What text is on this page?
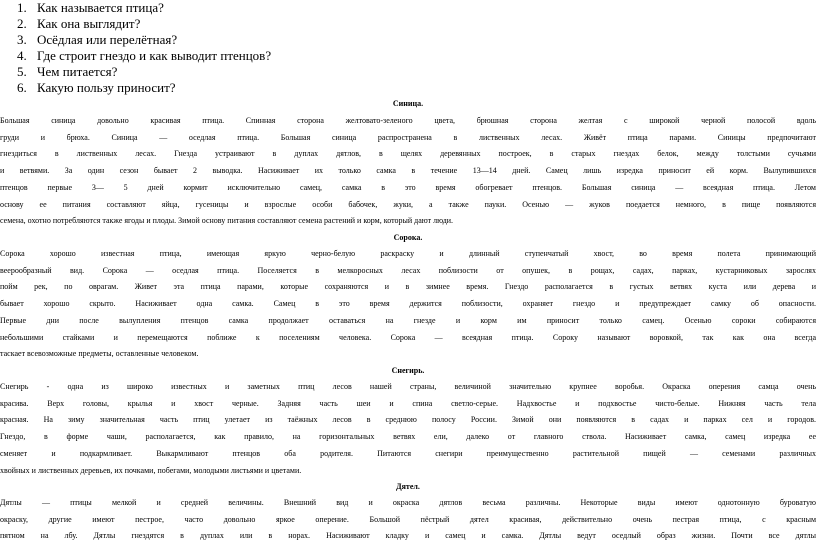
1. Как называется птица?
2. Как она выглядит?
3. Осёдлая или перелётная?
4. Где строит гнездо и как выводит птенцов?
5. Чем питается?
6. Какую пользу приносит?
Синица.
Большая синица довольно красивая птица. Спинная сторона желтовато-зеленого цвета, брюшная сторона желтая с широкой черной полосой вдоль
груди и брюха. Синица — оседлая птица. Большая синица распространена в лиственных лесах. Живёт птица парами. Синицы предпочитают
гнездиться в лиственных лесах. Гнезда устраивают в дуплах дятлов, в щелях деревянных построек, в старых гнездах белок, между толстыми сучьями
и ветвями. За один сезон бывает 2 выводка. Насиживает их только самка в течение 13—14 дней. Самец лишь изредка приносит ей корм. Вылупившихся
птенцов первые 3— 5 дней кормит исключительно самец, самка в это время обогревает птенцов. Большая синица — всеядная птица. Летом
основу ее питания составляют яйца, гусеницы и взрослые особи бабочек, жуки, а также пауки. Осенью — жуков поедается немного, в пище появляются
семена, охотно потребляются также ягоды и плоды. Зимой основу питания составляют семена растений и корм, который дают люди.
Сорока.
Сорока хорошо известная птица, имеющая яркую черно-белую раскраску и длинный ступенчатый хвост, во время полета принимающий
веерообразный вид. Сорока — оседлая птица. Поселяется в мелкоросных лесах поблизости от опушек, в рощах, садах, парках, кустарниковых зарослях
пойм рек, по оврагам. Живет эта птица парами, которые сохраняются и в зимнее время. Гнездо располагается в густых ветвях куста или дерева и
бывает хорошо скрыто. Насиживает одна самка. Самец в это время держится поблизости, охраняет гнездо и предупреждает самку об опасности.
Первые дни после вылупления птенцов самка продолжает оставаться на гнезде и корм им приносит только самец. Осенью сороки собираются
небольшими стайками и перемещаются поближе к поселениям человека. Сорока — всеядная птица. Сороку называют воровкой, так как она всегда
таскает всевозможные предметы, оставленные человеком.
Снегирь.
Снегирь - одна из широко известных и заметных птиц лесов нашей страны, величиной значительно крупнее воробья. Окраска оперения самца очень
красива. Верх головы, крылья и хвост черные. Задняя часть шеи и спина светло-серые. Надхвостье и подхвостье чисто-белые. Нижняя часть тела
красная. На зиму значительная часть птиц улетает из таёжных лесов в среднюю полосу России. Зимой они появляются в садах и парках сел и городов.
Гнездо, в форме чаши, располагается, как правило, на горизонтальных ветвях ели, далеко от главного ствола. Насиживает самка, самец изредка ее
сменяет и подкармливает. Выкармливают птенцов оба родителя. Питаются снегири преимущественно растительной пищей — семенами различных
хвойных и лиственных деревьев, их почками, побегами, молодыми листьями и цветами.
Дятел.
Дятлы — птицы мелкой и средней величины. Внешний вид и окраска дятлов весьма различны. Некоторые виды имеют однотонную буроватую
окраску, другие имеют пестрое, часто довольно яркое оперение. Большой пёстрый дятел красивая, действительно очень пестрая птица, с красным
пятном на лбу. Дятлы гнездятся в дуплах или в норах. Насиживают кладку и самец и самка. Дятлы ведут оседлый образ жизни. Почти все дятлы
